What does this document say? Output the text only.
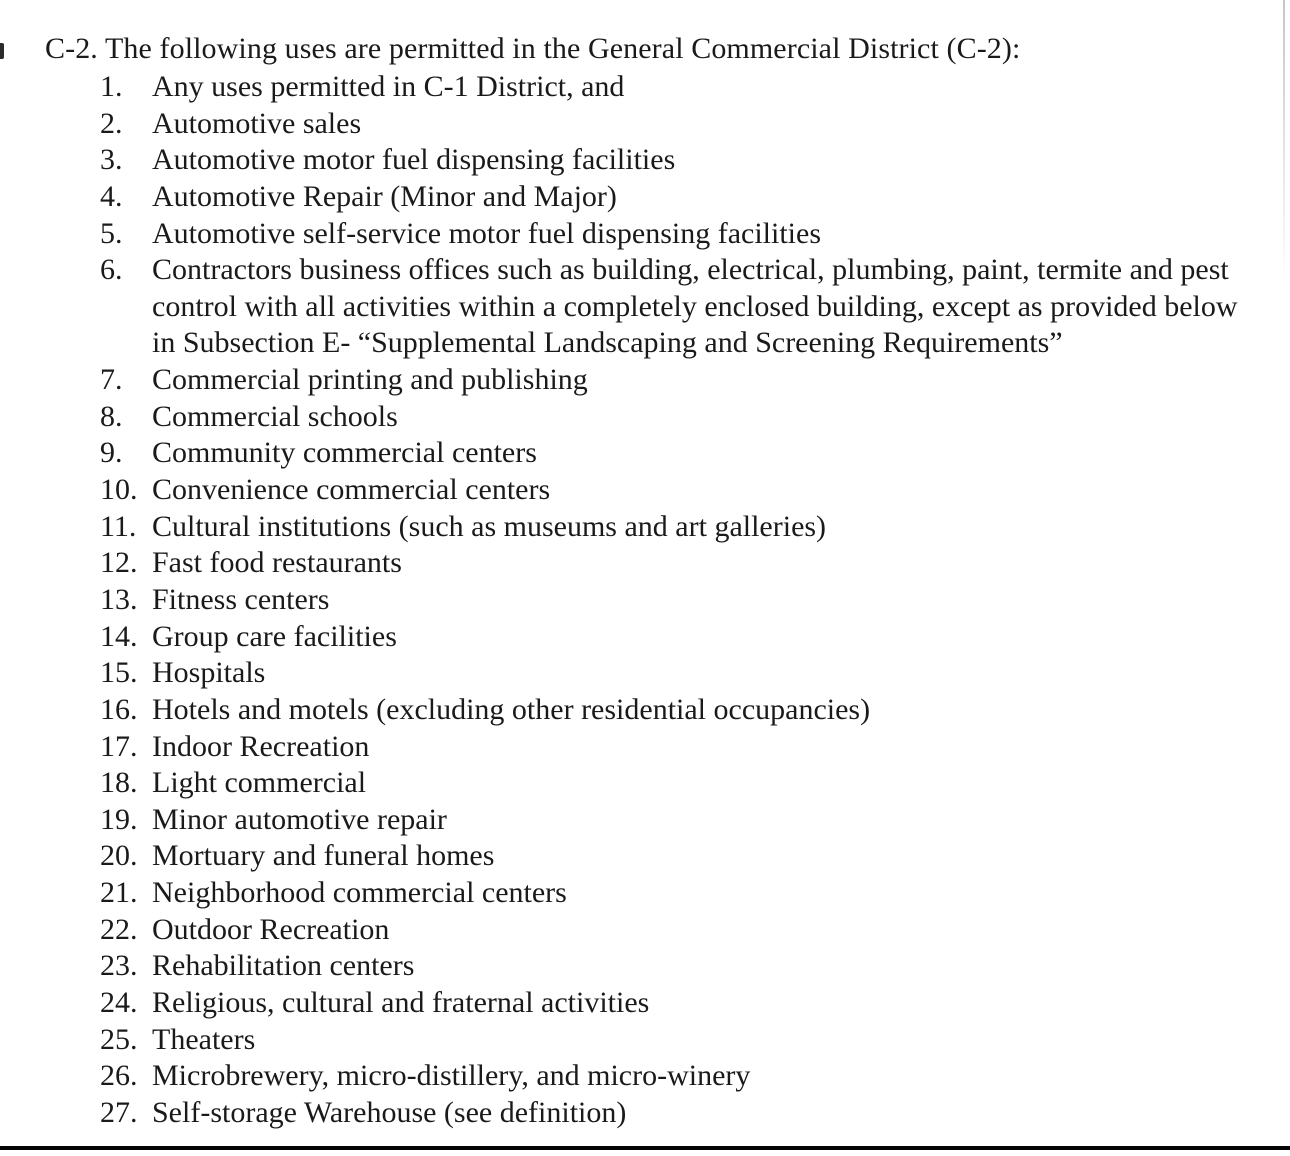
C-2. The following uses are permitted in the General Commercial District (C-2):
1. Any uses permitted in C-1 District, and
2. Automotive sales
3. Automotive motor fuel dispensing facilities
4. Automotive Repair (Minor and Major)
5. Automotive self-service motor fuel dispensing facilities
6. Contractors business offices such as building, electrical, plumbing, paint, termite and pest
control with all activities within a completely enclosed building, except as provided below
in Subsection E- “Supplemental Landscaping and Screening Requirements”
7. Commercial printing and publishing
8. Commercial schools
9. Community commercial centers
10. Convenience commercial centers
11. Cultural institutions (such as museums and art galleries)
12. Fast food restaurants
13. Fitness centers
14. Group care facilities
15. Hospitals
16. Hotels and motels (excluding other residential occupancies)
17. Indoor Recreation
18. Light commercial
19. Minor automotive repair
20. Mortuary and funeral homes
21. Neighborhood commercial centers
22. Outdoor Recreation
23. Rehabilitation centers
24. Religious, cultural and fraternal activities
25. Theaters
26. Microbrewery, micro-distillery, and micro-winery
27. Self-storage Warehouse (see definition)
